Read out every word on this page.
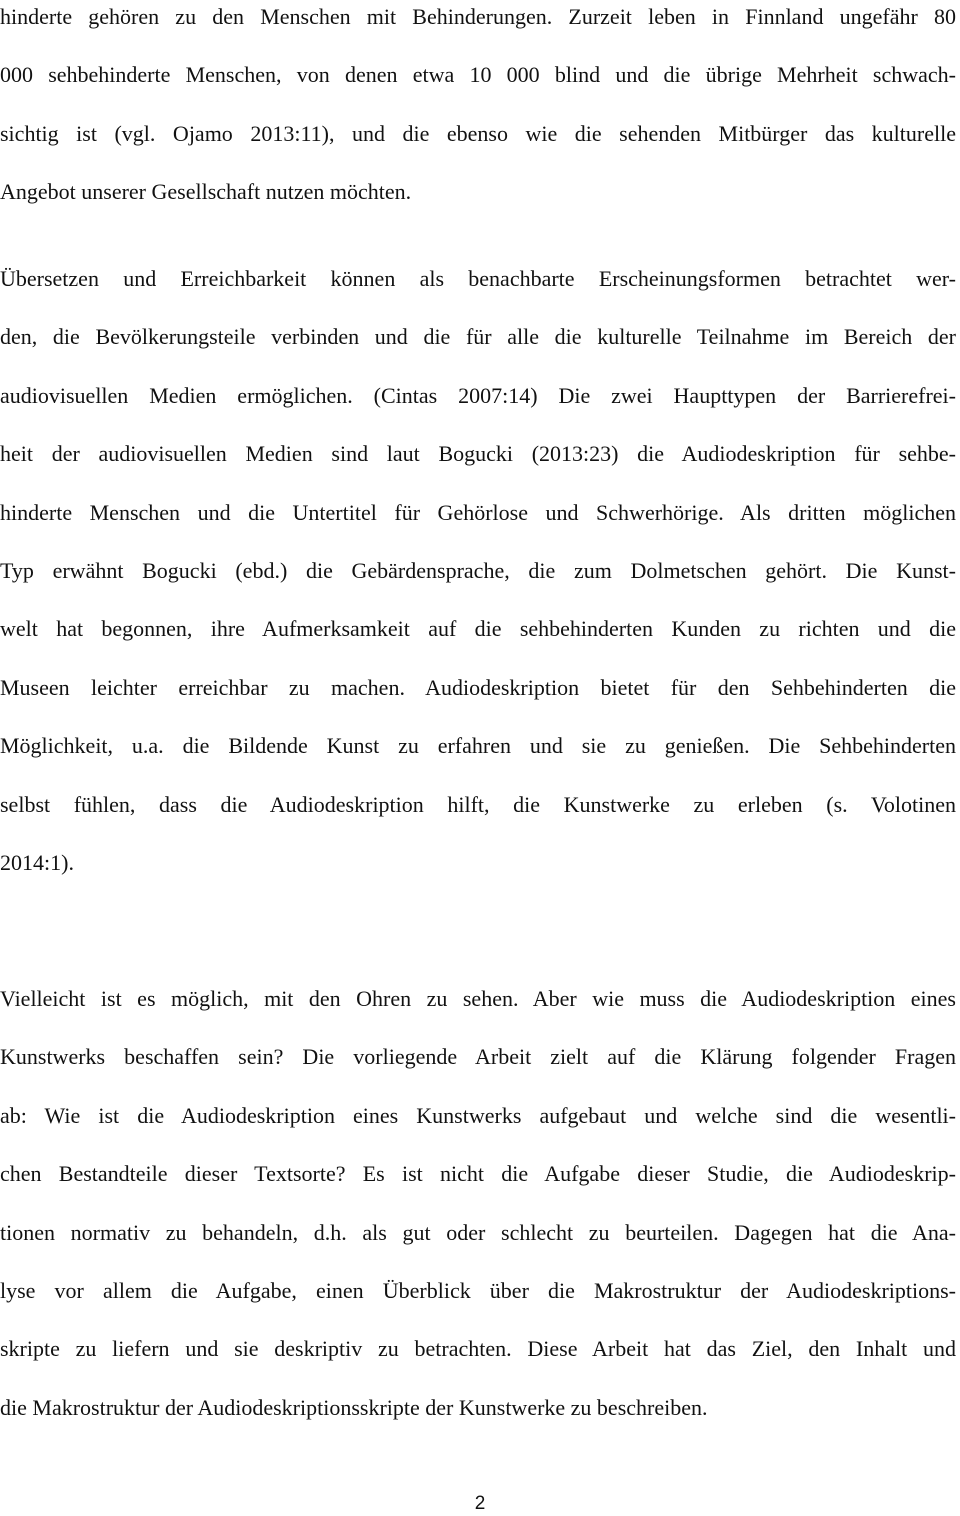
hinderte gehören zu den Menschen mit Behinderungen. Zurzeit leben in Finnland ungefähr 80
000 sehbehinderte Menschen, von denen etwa 10 000 blind und die übrige Mehrheit schwach-
sichtig ist (vgl. Ojamo 2013:11), und die ebenso wie die sehenden Mitbürger das kulturelle
Angebot unserer Gesellschaft nutzen möchten.
Übersetzen und Erreichbarkeit können als benachbarte Erscheinungsformen betrachtet wer-
den, die Bevölkerungsteile verbinden und die für alle die kulturelle Teilnahme im Bereich der
audiovisuellen Medien ermöglichen. (Cintas 2007:14) Die zwei Haupttypen der Barrierefrei-
heit der audiovisuellen Medien sind laut Bogucki (2013:23) die Audiodeskription für sehbe-
hinderte Menschen und die Untertitel für Gehörlose und Schwerhörige. Als dritten möglichen
Typ erwähnt Bogucki (ebd.) die Gebärdensprache, die zum Dolmetschen gehört. Die Kunst-
welt hat begonnen, ihre Aufmerksamkeit auf die sehbehinderten Kunden zu richten und die
Museen leichter erreichbar zu machen. Audiodeskription bietet für den Sehbehinderten die
Möglichkeit, u.a. die Bildende Kunst zu erfahren und sie zu genießen. Die Sehbehinderten
selbst fühlen, dass die Audiodeskription hilft, die Kunstwerke zu erleben (s. Volotinen
2014:1).
Vielleicht ist es möglich, mit den Ohren zu sehen. Aber wie muss die Audiodeskription eines
Kunstwerks beschaffen sein? Die vorliegende Arbeit zielt auf die Klärung folgender Fragen
ab: Wie ist die Audiodeskription eines Kunstwerks aufgebaut und welche sind die wesentli-
chen Bestandteile dieser Textsorte? Es ist nicht die Aufgabe dieser Studie, die Audiodeskrip-
tionen normativ zu behandeln, d.h. als gut oder schlecht zu beurteilen. Dagegen hat die Ana-
lyse vor allem die Aufgabe, einen Überblick über die Makrostruktur der Audiodeskriptions-
skripte zu liefern und sie deskriptiv zu betrachten. Diese Arbeit hat das Ziel, den Inhalt und
die Makrostruktur der Audiodeskriptionsskripte der Kunstwerke zu beschreiben.
2
